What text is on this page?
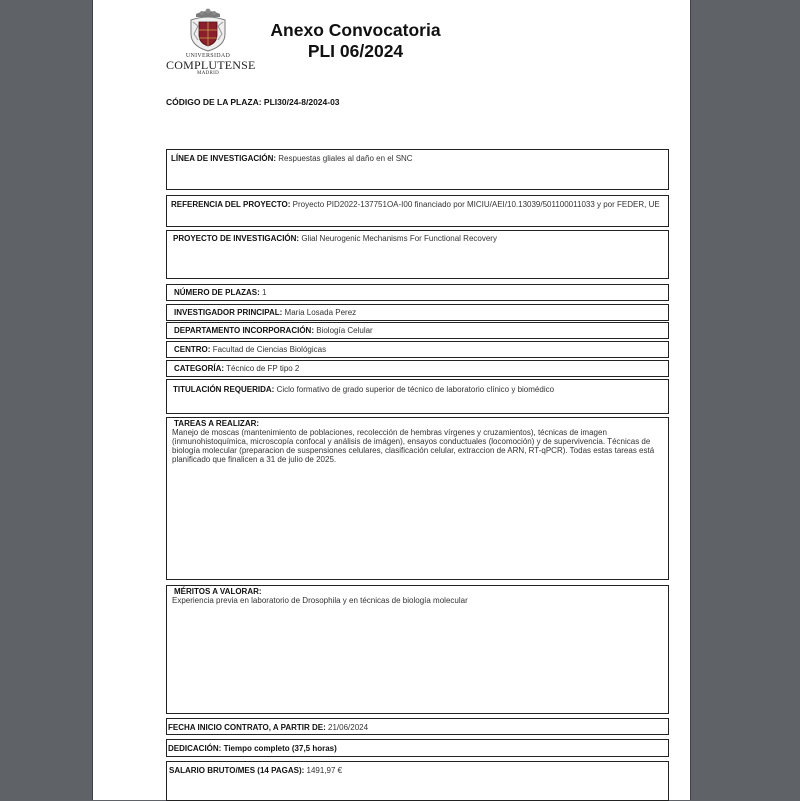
UNIVERSIDAD
COMPLUTENSE
MADRID
Anexo Convocatoria
PLI 06/2024
CÓDIGO DE LA PLAZA: PLI30/24-8/2024-03
LÍNEA DE INVESTIGACIÓN: Respuestas gliales al daño en el SNC
REFERENCIA DEL PROYECTO: Proyecto PID2022-137751OA-I00 financiado por MICIU/AEI/10.13039/501100011033 y por FEDER, UE
PROYECTO DE INVESTIGACIÓN: Glial Neurogenic Mechanisms For Functional Recovery
NÚMERO DE PLAZAS: 1
INVESTIGADOR PRINCIPAL: Maria Losada Perez
DEPARTAMENTO INCORPORACIÓN: Biología Celular
CENTRO: Facultad de Ciencias Biológicas
CATEGORÍA: Técnico de FP tipo 2
TITULACIÓN REQUERIDA: Ciclo formativo de grado superior de técnico de laboratorio clínico y biomédico
TAREAS A REALIZAR:
Manejo de moscas (mantenimiento de poblaciones, recolección de hembras vírgenes y cruzamientos), técnicas de imagen (inmunohistoquímica, microscopía confocal y análisis de imágen), ensayos conductuales (locomoción) y de supervivencia. Técnicas de biología molecular (preparacion de suspensiones celulares, clasificación celular, extraccion de ARN, RT-qPCR). Todas estas tareas está planificado que finalicen a 31 de julio de 2025.
MÉRITOS A VALORAR:
Experiencia previa en laboratorio de Drosophila y en técnicas de biología molecular
FECHA INICIO CONTRATO, A PARTIR DE: 21/06/2024
DEDICACIÓN: Tiempo completo (37,5 horas)
SALARIO BRUTO/MES (14 PAGAS): 1491,97 €
